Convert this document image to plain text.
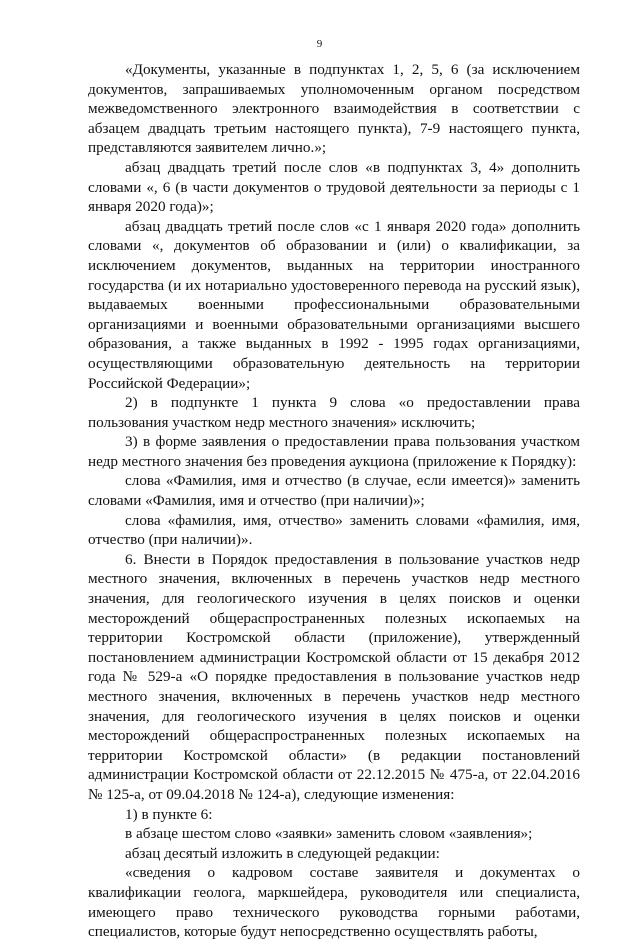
9

«Документы, указанные в подпунктах 1, 2, 5, 6 (за исключением документов, запрашиваемых уполномоченным органом посредством межведомственного электронного взаимодействия в соответствии с абзацем двадцать третьим настоящего пункта), 7-9 настоящего пункта, представляются заявителем лично.»;

абзац двадцать третий после слов «в подпунктах 3, 4» дополнить словами «, 6 (в части документов о трудовой деятельности за периоды с 1 января 2020 года)»;

абзац двадцать третий после слов «с 1 января 2020 года» дополнить словами «, документов об образовании и (или) о квалификации, за исключением документов, выданных на территории иностранного государства (и их нотариально удостоверенного перевода на русский язык), выдаваемых военными профессиональными образовательными организациями и военными образовательными организациями высшего образования, а также выданных в 1992 - 1995 годах организациями, осуществляющими образовательную деятельность на территории Российской Федерации»;

2) в подпункте 1 пункта 9 слова «о предоставлении права пользования участком недр местного значения» исключить;

3) в форме заявления о предоставлении права пользования участком недр местного значения без проведения аукциона (приложение к Порядку):

слова «Фамилия, имя и отчество (в случае, если имеется)» заменить словами «Фамилия, имя и отчество (при наличии)»;

слова «фамилия, имя, отчество» заменить словами «фамилия, имя, отчество (при наличии)».

6. Внести в Порядок предоставления в пользование участков недр местного значения, включенных в перечень участков недр местного значения, для геологического изучения в целях поисков и оценки месторождений общераспространенных полезных ископаемых на территории Костромской области (приложение), утвержденный постановлением администрации Костромской области от 15 декабря 2012 года № 529-а «О порядке предоставления в пользование участков недр местного значения, включенных в перечень участков недр местного значения, для геологического изучения в целях поисков и оценки месторождений общераспространенных полезных ископаемых на территории Костромской области» (в редакции постановлений администрации Костромской области от 22.12.2015 № 475-а, от 22.04.2016 № 125-а, от 09.04.2018 № 124-а), следующие изменения:

1) в пункте 6:

в абзаце шестом слово «заявки» заменить словом «заявления»;

абзац десятый изложить в следующей редакции:

«сведения о кадровом составе заявителя и документах о квалификации геолога, маркшейдера, руководителя или специалиста, имеющего право технического руководства горными работами, специалистов, которые будут непосредственно осуществлять работы,
